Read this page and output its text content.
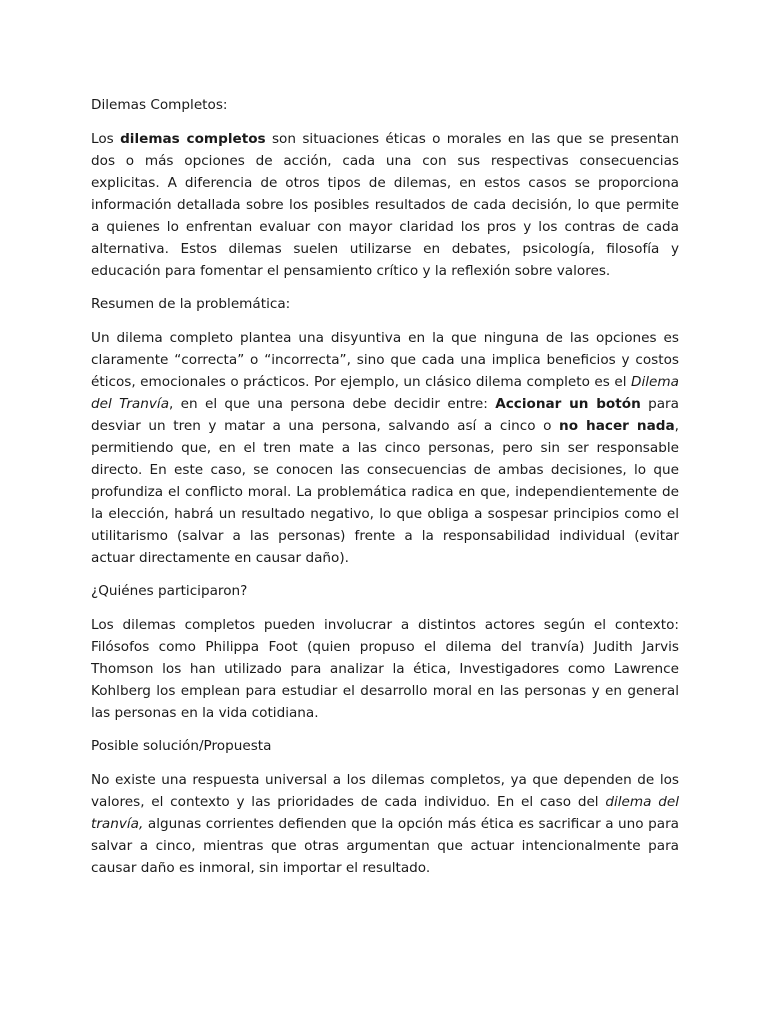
Dilemas Completos:

Los dilemas completos son situaciones éticas o morales en las que se presentan dos o más opciones de acción, cada una con sus respectivas consecuencias explicitas. A diferencia de otros tipos de dilemas, en estos casos se proporciona información detallada sobre los posibles resultados de cada decisión, lo que permite a quienes lo enfrentan evaluar con mayor claridad los pros y los contras de cada alternativa. Estos dilemas suelen utilizarse en debates, psicología, filosofía y educación para fomentar el pensamiento crítico y la reflexión sobre valores.

Resumen de la problemática:

Un dilema completo plantea una disyuntiva en la que ninguna de las opciones es claramente “correcta” o “incorrecta”, sino que cada una implica beneficios y costos éticos, emocionales o prácticos. Por ejemplo, un clásico dilema completo es el Dilema del Tranvía, en el que una persona debe decidir entre: Accionar un botón para desviar un tren y matar a una persona, salvando así a cinco o no hacer nada, permitiendo que, en el tren mate a las cinco personas, pero sin ser responsable directo. En este caso, se conocen las consecuencias de ambas decisiones, lo que profundiza el conflicto moral. La problemática radica en que, independientemente de la elección, habrá un resultado negativo, lo que obliga a sospesar principios como el utilitarismo (salvar a las personas) frente a la responsabilidad individual (evitar actuar directamente en causar daño).

¿Quiénes participaron?

Los dilemas completos pueden involucrar a distintos actores según el contexto: Filósofos como Philippa Foot (quien propuso el dilema del tranvía) Judith Jarvis Thomson los han utilizado para analizar la ética, Investigadores como Lawrence Kohlberg los emplean para estudiar el desarrollo moral en las personas y en general las personas en la vida cotidiana.

Posible solución/Propuesta

No existe una respuesta universal a los dilemas completos, ya que dependen de los valores, el contexto y las prioridades de cada individuo. En el caso del dilema del tranvía, algunas corrientes defienden que la opción más ética es sacrificar a uno para salvar a cinco, mientras que otras argumentan que actuar intencionalmente para causar daño es inmoral, sin importar el resultado.
